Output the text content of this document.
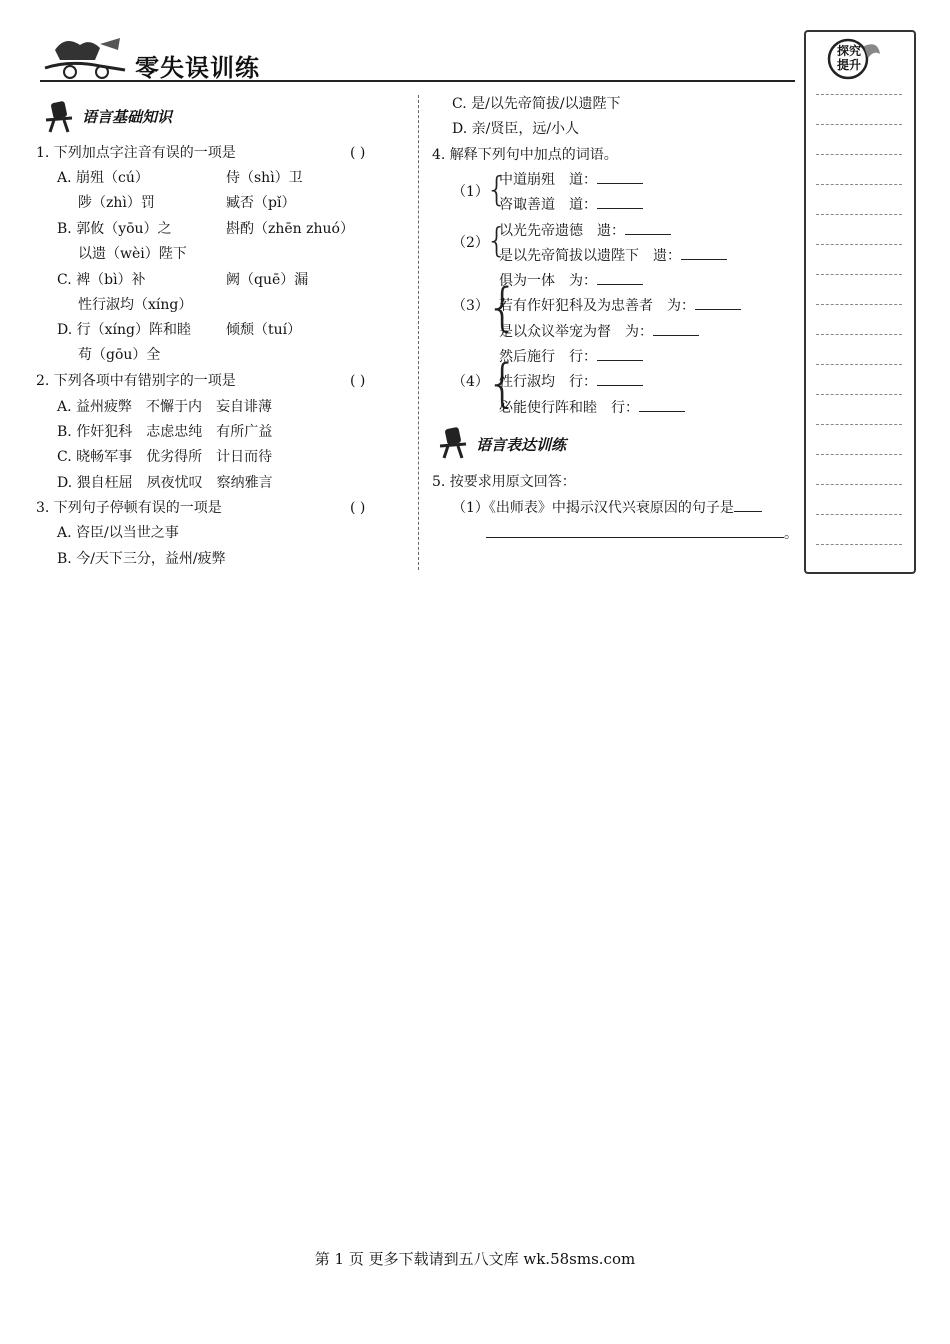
零失误训练
语言基础知识
1. 下列加点字注音有误的一项是	( )
A. 崩殂（cú）	侍（shì）卫
陟（zhì）罚	臧否（pǐ）
B. 郭攸（yōu）之	斟酌（zhēn zhuó）
以遗（wèi）陛下
C. 裨（bì）补	阙（quē）漏
性行淑均（xíng）
D. 行（xíng）阵和睦	倾颓（tuí）
苟（gōu）全
2. 下列各项中有错别字的一项是	( )
A. 益州疲弊　不懈于内　妄自诽薄
B. 作奸犯科　志虑忠纯　有所广益
C. 晓畅军事　优劣得所　计日而待
D. 猥自枉屈　夙夜忧叹　察纳雅言
3. 下列句子停顿有误的一项是	( )
A. 咨臣/以当世之事
B. 今/天下三分，益州/疲弊
C. 是/以先帝简拔/以遗陛下
D. 亲/贤臣，远/小人
4. 解释下列句中加点的词语。
（1）
{
中道崩殂　道：
咨诹善道　道：
（2）
{
以光先帝遗德　遗：
是以先帝简拔以遗陛下　遗：
（3）
{
俱为一体　为：
若有作奸犯科及为忠善者　为：
是以众议举宠为督　为：
（4）
{
然后施行　行：
性行淑均　行：
必能使行阵和睦　行：
语言表达训练
5. 按要求用原文回答：
（1）《出师表》中揭示汉代兴衰原因的句子是
。
探究提升
第 1 页 更多下载请到五八文库 wk.58sms.com
